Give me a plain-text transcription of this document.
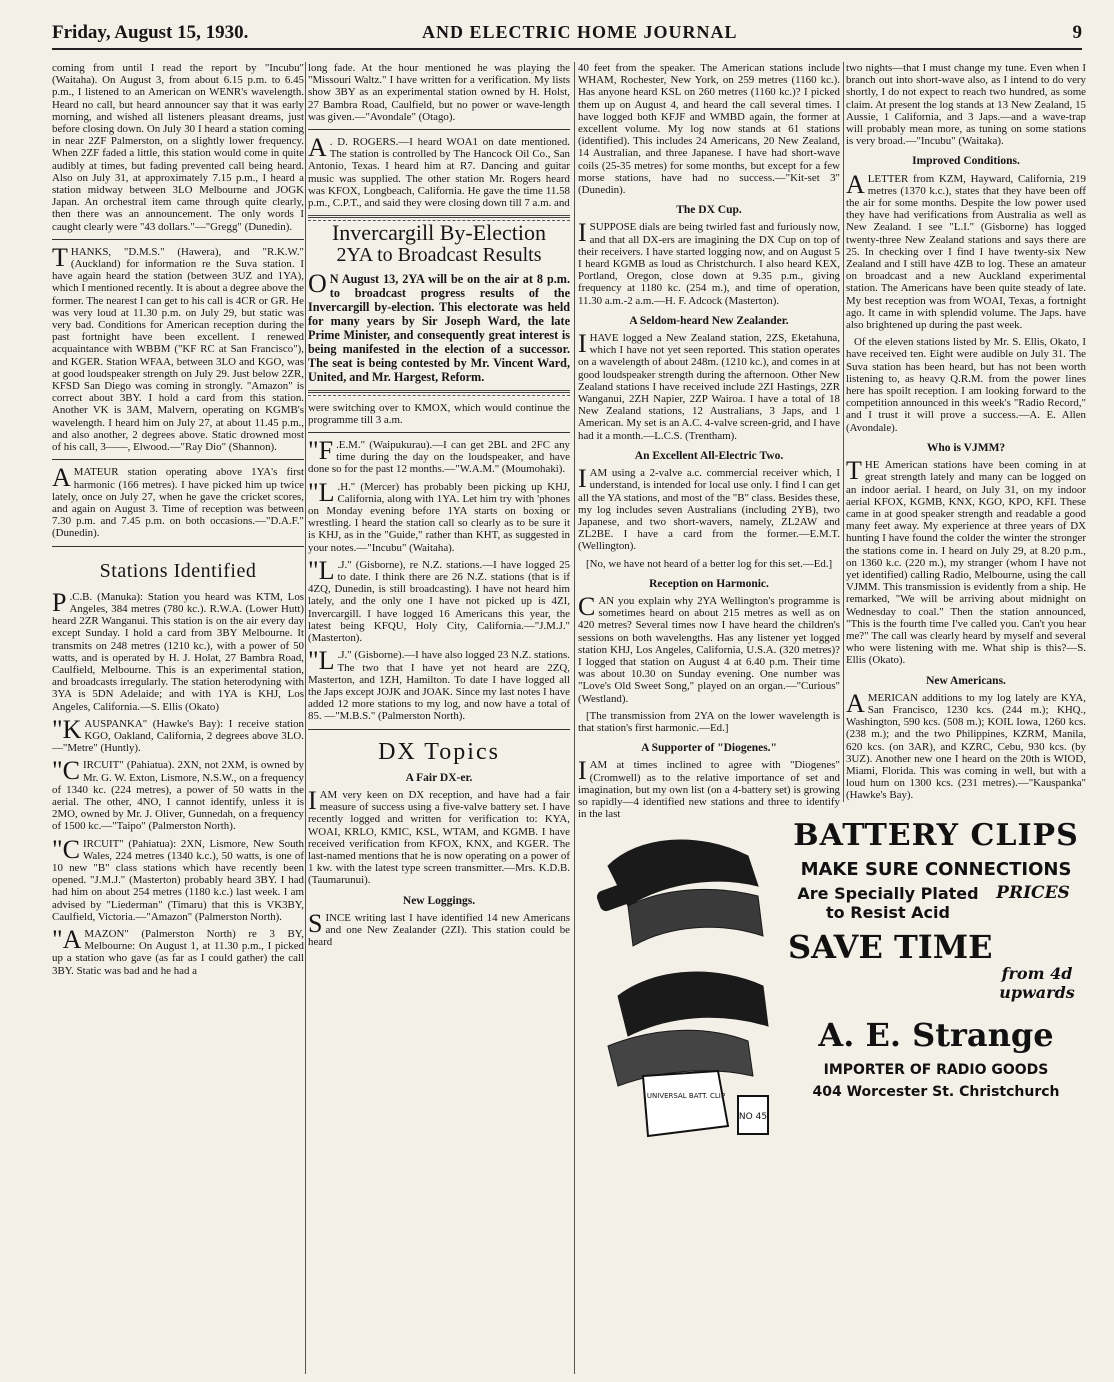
Friday, August 15, 1930.	AND ELECTRIC HOME JOURNAL	9

coming from until I read the report by "Incubu" (Waitaha). On August 3, from about 6.15 p.m. to 6.45 p.m., I listened to an American on WENR's wavelength. Heard no call, but heard announcer say that it was early morning, and wished all listeners pleasant dreams, just before closing down. On July 30 I heard a station coming in near 2ZF Palmerston, on a slightly lower frequency. When 2ZF faded a little, this station would come in quite audibly at times, but fading prevented call being heard. Also on July 31, at approximately 7.15 p.m., I heard a station midway between 3LO Melbourne and JOGK Japan. An orchestral item came through quite clearly, then there was an announcement. The only words I caught clearly were "43 dollars."—"Gregg" (Dunedin).

THANKS, "D.M.S." (Hawera), and "R.K.W." (Auckland) for information re the Suva station. I have again heard the station (between 3UZ and 1YA), which I mentioned recently. It is about a degree above the former. The nearest I can get to his call is 4CR or GR. He was very loud at 11.30 p.m. on July 29, but static was very bad. Conditions for American reception during the past fortnight have been excellent. I renewed acquaintance with WBBM ("KF RC at San Francisco"), and KGER. Station WFAA, between 3LO and KGO, was at good loudspeaker strength on July 29. Just below 2ZR, KFSD San Diego was coming in strongly. "Amazon" is correct about 3BY. I hold a card from this station. Another VK is 3AM, Malvern, operating on KGMB's wavelength. I heard him on July 27, at about 11.45 p.m., and also another, 2 degrees above. Static drowned most of his call, 3——, Elwood.—"Ray Dio" (Shannon).

AMATEUR station operating above 1YA's first harmonic (166 metres). I have picked him up twice lately, once on July 27, when he gave the cricket scores, and again on August 3. Time of reception was between 7.30 p.m. and 7.45 p.m. on both occasions.—"D.A.F." (Dunedin).

Stations Identified

P .C.B. (Manuka): Station you heard was KTM, Los Angeles, 384 metres (780 kc.). R.W.A. (Lower Hutt) heard 2ZR Wanganui. This station is on the air every day except Sunday. I hold a card from 3BY Melbourne. It transmits on 248 metres (1210 kc.), with a power of 50 watts, and is operated by H. J. Holat, 27 Bambra Road, Caulfield, Melbourne. This is an experimental station, and broadcasts irregularly. The station heterodyning with 3YA is 5DN Adelaide; and with 1YA is KHJ, Los Angeles, California.—S. Ellis (Okato)

"KAUSPANKA" (Hawke's Bay): I receive station KGO, Oakland, California, 2 degrees above 3LO.—"Metre" (Huntly).

"CIRCUIT" (Pahiatua). 2XN, not 2XM, is owned by Mr. G. W. Exton, Lismore, N.S.W., on a frequency of 1340 kc. (224 metres), a power of 50 watts in the aerial. The other, 4NO, I cannot identify, unless it is 2MO, owned by Mr. J. Oliver, Gunnedah, on a frequency of 1500 kc.—"Taipo" (Palmerston North).

"CIRCUIT" (Pahiatua): 2XN, Lismore, New South Wales, 224 metres (1340 k.c.), 50 watts, is one of 10 new "B" class stations which have recently been opened. "J.M.J." (Masterton) probably heard 3BY. I had had him on about 254 metres (1180 k.c.) last week. I am advised by "Liederman" (Timaru) that this is VK3BY, Caulfield, Victoria.—"Amazon" (Palmerston North).

"AMAZON" (Palmerston North) re 3 BY, Melbourne: On August 1, at 11.30 p.m., I picked up a station who gave (as far as I could gather) the call 3BY. Static was bad and he had a

long fade. At the hour mentioned he was playing the "Missouri Waltz." I have written for a verification. My lists show 3BY as an experimental station owned by H. Holst, 27 Bambra Road, Caulfield, but no power or wave-length was given.—"Avondale" (Otago).

A . D. ROGERS.—I heard WOA1 on date mentioned. The station is controlled by The Hancock Oil Co., San Antonio, Texas. I heard him at R7. Dancing and guitar music was supplied. The other station Mr. Rogers heard was KFOX, Longbeach, California. He gave the time 11.58 p.m., C.P.T., and said they were closing down till 7 a.m. and

Invercargill By-Election
2YA to Broadcast Results

O N August 13, 2YA will be on the air at 8 p.m. to broadcast progress results of the Invercargill by-election. This electorate was held for many years by Sir Joseph Ward, the late Prime Minister, and consequently great interest is being manifested in the election of a successor. The seat is being contested by Mr. Vincent Ward, United, and Mr. Hargest, Reform.

were switching over to KMOX, which would continue the programme till 3 a.m.

"F .E.M." (Waipukurau).—I can get 2BL and 2FC any time during the day on the loudspeaker, and have done so for the past 12 months.—"W.A.M." (Moumohaki).

"L .H." (Mercer) has probably been picking up KHJ, California, along with 1YA. Let him try with 'phones on Monday evening before 1YA starts on boxing or wrestling. I heard the station call so clearly as to be sure it is KHJ, as in the "Guide," rather than KHT, as suggested in your notes.—"Incubu" (Waitaha).

"L .J." (Gisborne), re N.Z. stations.—I have logged 25 to date. I think there are 26 N.Z. stations (that is if 4ZQ, Dunedin, is still broadcasting). I have not heard him lately, and the only one I have not picked up is 4ZI, Invercargill. I have logged 16 Americans this year, the latest being KFQU, Holy City, California.—"J.M.J." (Masterton).

"L .J." (Gisborne).—I have also logged 23 N.Z. stations. The two that I have yet not heard are 2ZQ, Masterton, and 1ZH, Hamilton. To date I have logged all the Japs except JOJK and JOAK. Since my last notes I have added 12 more stations to my log, and now have a total of 85. —"M.B.S." (Palmerston North).

DX Topics
A Fair DX-er.

IAM very keen on DX reception, and have had a fair measure of success using a five-valve battery set. I have recently logged and written for verification to: KYA, WOAI, KRLO, KMIC, KSL, WTAM, and KGMB. I have received verification from KFOX, KNX, and KGER. The last-named mentions that he is now operating on a power of 1 kw. with the latest type screen transmitter.—Mrs. K.D.B. (Taumarunui).

New Loggings.

SINCE writing last I have identified 14 new Americans and one New Zealander (2ZI). This station could be heard

40 feet from the speaker. The American stations include WHAM, Rochester, New York, on 259 metres (1160 kc.). Has anyone heard KSL on 260 metres (1160 kc.)? I picked them up on August 4, and heard the call several times. I have logged both KFJF and WMBD again, the former at excellent volume. My log now stands at 61 stations (identified). This includes 24 Americans, 20 New Zealand, 14 Australian, and three Japanese. I have had short-wave coils (25-35 metres) for some months, but except for a few morse stations, have had no success.—"Kit-set 3" (Dunedin).

The DX Cup.

ISUPPOSE dials are being twirled fast and furiously now, and that all DX-ers are imagining the DX Cup on top of their receivers. I have started logging now, and on August 5 I heard KGMB as loud as Christchurch. I also heard KEX, Portland, Oregon, close down at 9.35 p.m., giving frequency at 1180 kc. (254 m.), and time of operation, 11.30 a.m.-2 a.m.—H. F. Adcock (Masterton).

A Seldom-heard New Zealander.

IHAVE logged a New Zealand station, 2ZS, Eketahuna, which I have not yet seen reported. This station operates on a wavelength of about 248m. (1210 kc.), and comes in at good loudspeaker strength during the afternoon. Other New Zealand stations I have received include 2ZI Hastings, 2ZR Wanganui, 2ZH Napier, 2ZP Wairoa. I have a total of 18 New Zealand stations, 12 Australians, 3 Japs, and 1 American. My set is an A.C. 4-valve screen-grid, and I have had it a month.—L.C.S. (Trentham).

An Excellent All-Electric Two.

IAM using a 2-valve a.c. commercial receiver which, I understand, is intended for local use only. I find I can get all the YA stations, and most of the "B" class. Besides these, my log includes seven Australians (including 2YB), two Japanese, and two short-wavers, namely, ZL2AW and ZL2BE. I have a card from the former.—E.M.T. (Wellington).

[No, we have not heard of a better log for this set.—Ed.]

Reception on Harmonic.

CAN you explain why 2YA Wellington's programme is sometimes heard on about 215 metres as well as on 420 metres? Several times now I have heard the children's sessions on both wavelengths. Has any listener yet logged station KHJ, Los Angeles, California, U.S.A. (320 metres)? I logged that station on August 4 at 6.40 p.m. Their time was about 10.30 on Sunday evening. One number was "Love's Old Sweet Song," played on an organ.—"Curious" (Westland).

[The transmission from 2YA on the lower wavelength is that station's first harmonic.—Ed.]

A Supporter of "Diogenes."

IAM at times inclined to agree with "Diogenes" (Cromwell) as to the relative importance of set and imagination, but my own list (on a 4-battery set) is growing so rapidly—4 identified new stations and three to identify in the last

two nights—that I must change my tune. Even when I branch out into short-wave also, as I intend to do very shortly, I do not expect to reach two hundred, as some claim. At present the log stands at 13 New Zealand, 15 Aussie, 1 California, and 3 Japs.—and a wave-trap will probably mean more, as tuning on some stations is very broad.—"Incubu" (Waitaka).

Improved Conditions.

ALETTER from KZM, Hayward, California, 219 metres (1370 k.c.), states that they have been off the air for some months. Despite the low power used they have had verifications from Australia as well as New Zealand. I see "L.I." (Gisborne) has logged twenty-three New Zealand stations and says there are 25. In checking over I find I have twenty-six New Zealand and I still have 4ZB to log. These an amateur on broadcast and a new Auckland experimental station. The Americans have been quite steady of late. My best reception was from WOAI, Texas, a fortnight ago. It came in with splendid volume. The Japs. have also brightened up during the past week.

Of the eleven stations listed by Mr. S. Ellis, Okato, I have received ten. Eight were audible on July 31. The Suva station has been heard, but has not been worth listening to, as heavy Q.R.M. from the power lines here has spoilt reception. I am looking forward to the competition announced in this week's "Radio Record," and I trust it will prove a success.—A. E. Allen (Avondale).

Who is VJMM?

THE American stations have been coming in at great strength lately and many can be logged on an indoor aerial. I heard, on July 31, on my indoor aerial KFOX, KGMB, KNX, KGO, KPO, KFI. These came in at good speaker strength and readable a good many feet away. My experience at three years of DX hunting I have found the colder the winter the stronger the stations come in. I heard on July 29, at 8.20 p.m., on 1360 k.c. (220 m.), my stranger (whom I have not yet identified) calling Radio, Melbourne, using the call VJMM. This transmission is evidently from a ship. He remarked, "We will be arriving about midnight on Wednesday to coal." Then the station announced, "This is the fourth time I've called you. Can't you hear me?" The call was clearly heard by myself and several who were listening with me. What ship is this?—S. Ellis (Okato).

New Americans.

AMERICAN additions to my log lately are KYA, San Francisco, 1230 kcs. (244 m.); KHQ., Washington, 590 kcs. (508 m.); KOIL Iowa, 1260 kcs. (238 m.); and the two Philippines, KZRM, Manila, 620 kcs. (on 3AR), and KZRC, Cebu, 930 kcs. (by 3UZ). Another new one I heard on the 20th is WIOD, Miami, Florida. This was coming in well, but with a loud hum on 1300 kcs. (231 metres).—"Kauspanka" (Hawke's Bay).

UNIVERSAL BATT. CLIP
NO 45
BATTERY CLIPS
MAKE SURE CONNECTIONS
Are Specially Plated to Resist Acid
PRICES
SAVE TIME
from 4d upwards
A. E. Strange
IMPORTER OF RADIO GOODS
404 Worcester St. Christchurch
